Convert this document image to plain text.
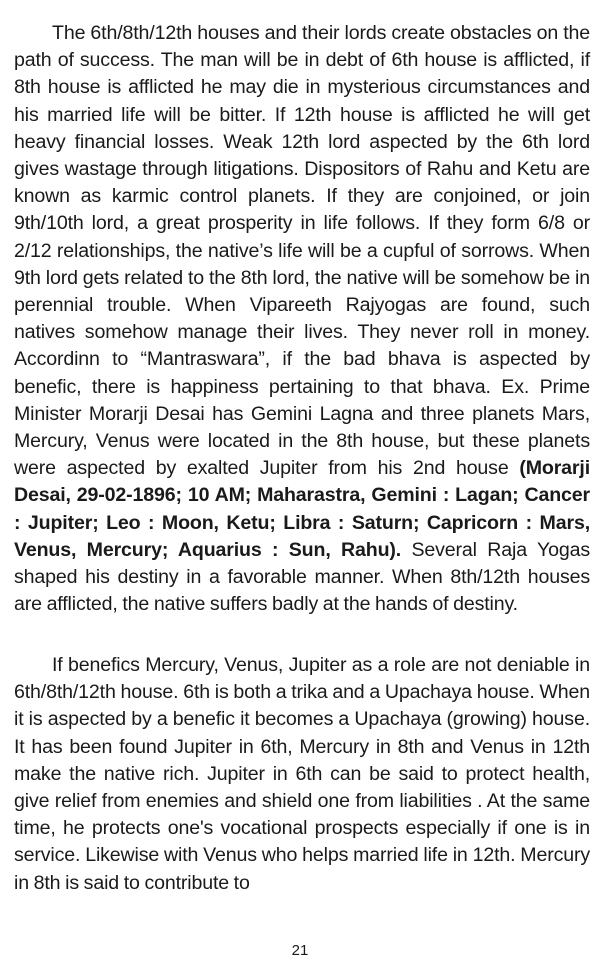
The 6th/8th/12th houses and their lords create obstacles on the path of success. The man will be in debt of 6th house is afflicted, if 8th house is afflicted he may die in mysterious circumstances and his married life will be bitter. If 12th house is afflicted he will get heavy financial losses. Weak 12th lord aspected by the 6th lord gives wastage through litigations. Dispositors of Rahu and Ketu are known as karmic control planets. If they are conjoined, or join 9th/10th lord, a great prosperity in life follows. If they form 6/8 or 2/12 relationships, the native’s life will be a cupful of sorrows. When 9th lord gets related to the 8th lord, the native will be somehow be in perennial trouble. When Vipareeth Rajyogas are found, such natives somehow manage their lives. They never roll in money. Accordinn to “Mantraswara”, if the bad bhava is aspected by benefic, there is happiness pertaining to that bhava. Ex. Prime Minister Morarji Desai has Gemini Lagna and three planets Mars, Mercury, Venus were located in the 8th house, but these planets were aspected by exalted Jupiter from his 2nd house (Morarji Desai, 29-02-1896; 10 AM; Maharastra, Gemini : Lagan; Cancer : Jupiter; Leo : Moon, Ketu; Libra : Saturn; Capricorn : Mars, Venus, Mercury; Aquarius : Sun, Rahu). Several Raja Yogas shaped his destiny in a favorable manner. When 8th/12th houses are afflicted, the native suffers badly at the hands of destiny.

If benefics Mercury, Venus, Jupiter as a role are not deniable in 6th/8th/12th house. 6th is both a trika and a Upachaya house. When it is aspected by a benefic it becomes a Upachaya (growing) house. It has been found Jupiter in 6th, Mercury in 8th and Venus in 12th make the native rich. Jupiter in 6th can be said to protect health, give relief from enemies and shield one from liabilities . At the same time, he protects one's vocational prospects especially if one is in service. Likewise with Venus who helps married life in 12th. Mercury in 8th is said to contribute to

21
